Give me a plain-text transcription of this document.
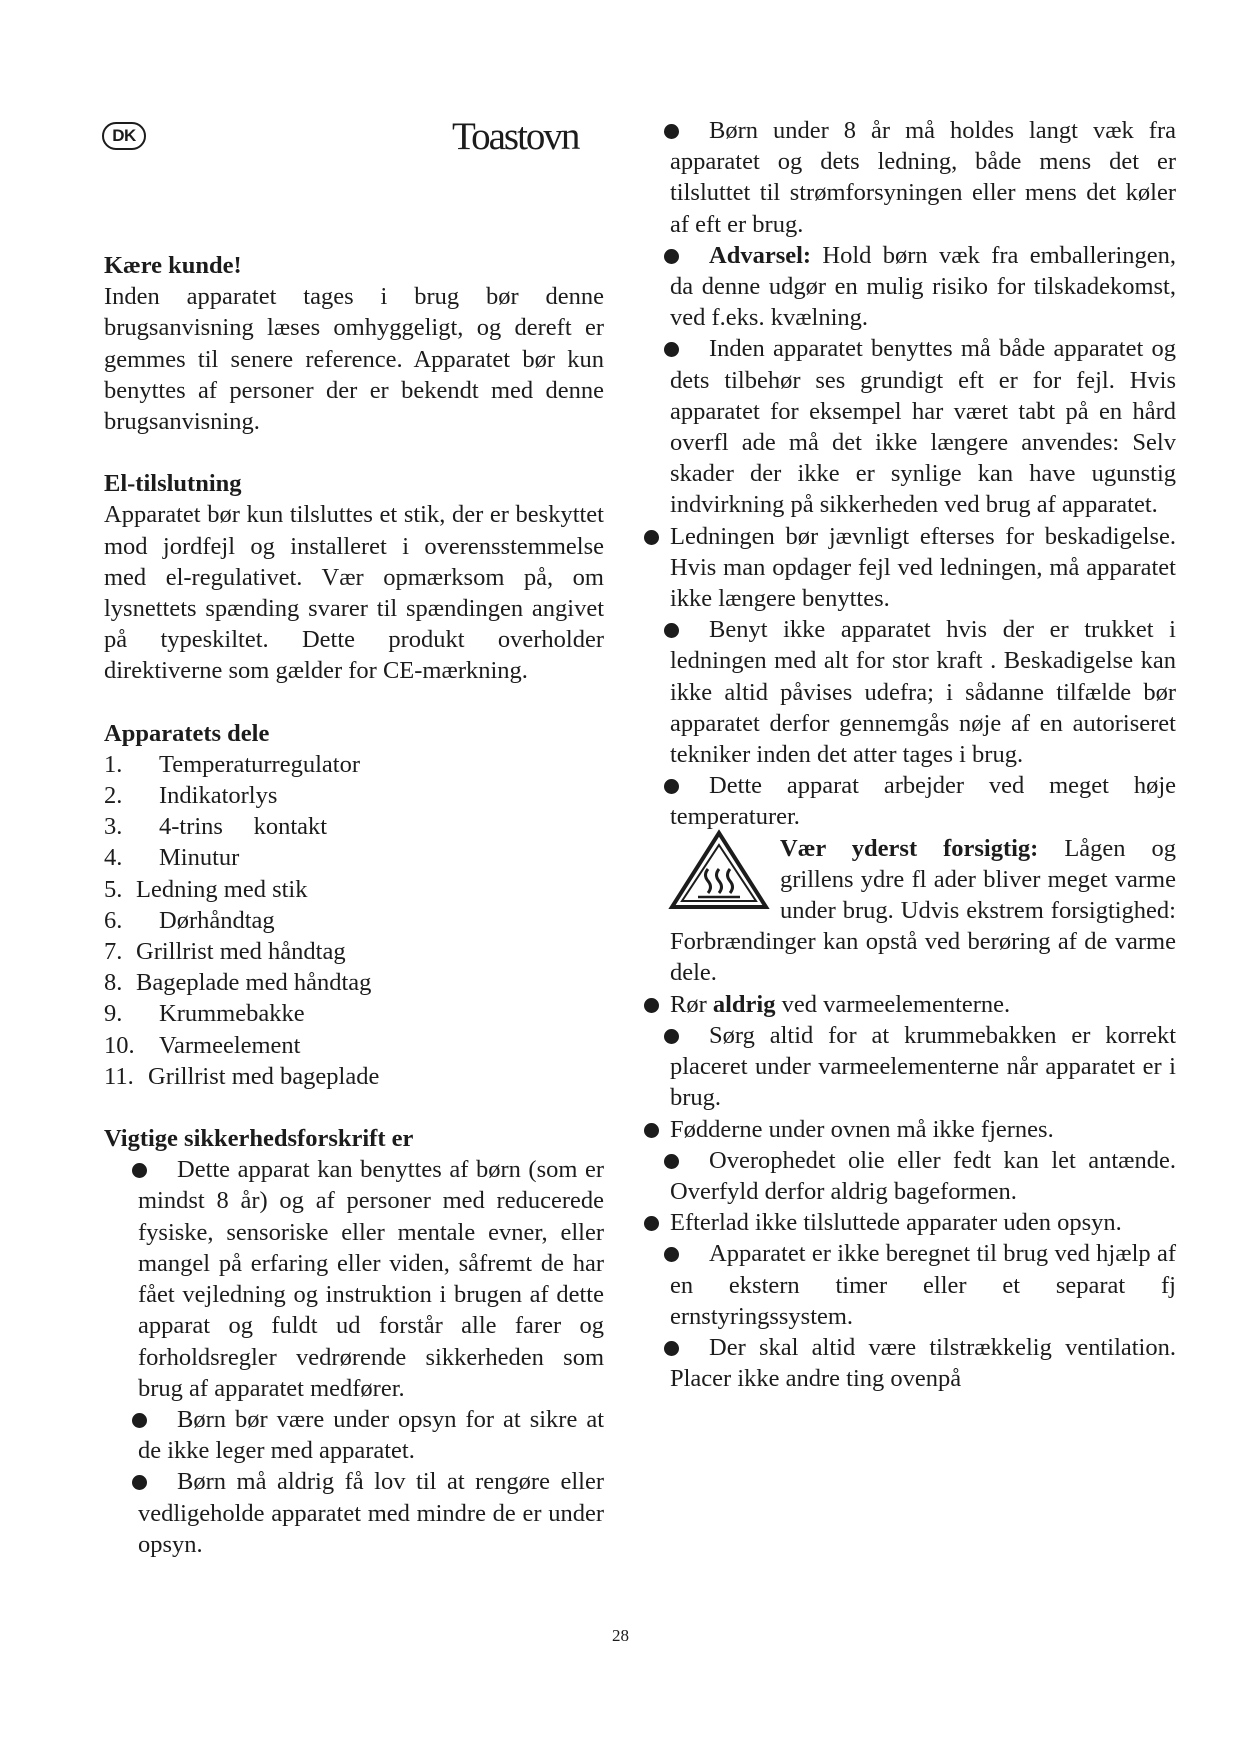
DK	Toastovn

Kære kunde!

Inden apparatet tages i brug bør denne brugsanvisning læses omhyggeligt, og dereft er gemmes til senere reference. Apparatet bør kun benyttes af personer der er bekendt med denne brugsanvisning.

El-tilslutning

Apparatet bør kun tilsluttes et stik, der er beskyttet mod jordfejl og installeret i overensstemmelse med el-regulativet. Vær opmærksom på, om lysnettets spænding svarer til spændingen angivet på typeskiltet. Dette produkt overholder direktiverne som gælder for CE-mærkning.

Apparatets dele

1.	Temperaturregulator
2.	Indikatorlys
3.	4-trins     kontakt
4.	Minutur
5. Ledning med stik
6.	Dørhåndtag
7. Grillrist med håndtag
8. Bageplade med håndtag
9.	Krummebakke
10. Varmeelement
11. Grillrist med bageplade

Vigtige sikkerhedsforskrift er

Dette apparat kan benyttes af børn (som er mindst 8 år) og af personer med reducerede fysiske, sensoriske eller mentale evner, eller mangel på erfaring eller viden, såfremt de har fået vejledning og instruktion i brugen af dette apparat og fuldt ud forstår alle farer og forholdsregler vedrørende sikkerheden som brug af apparatet medfører.
Børn bør være under opsyn for at sikre at de ikke leger med apparatet.
Børn må aldrig få lov til at rengøre eller vedligeholde apparatet med mindre de er under opsyn.
Børn under 8 år må holdes langt væk fra apparatet og dets ledning, både mens det er tilsluttet til strømforsyningen eller mens det køler af eft er brug.
Advarsel: Hold børn væk fra emballeringen, da denne udgør en mulig risiko for tilskadekomst, ved f.eks. kvælning.
Inden apparatet benyttes må både apparatet og dets tilbehør ses grundigt eft er for fejl. Hvis apparatet for eksempel har været tabt på en hård overfl ade må det ikke længere anvendes: Selv skader der ikke er synlige kan have ugunstig indvirkning på sikkerheden ved brug af apparatet.
Ledningen bør jævnligt efterses for beskadigelse. Hvis man opdager fejl ved ledningen, må apparatet ikke længere benyttes.
Benyt ikke apparatet hvis der er trukket i ledningen med alt for stor kraft . Beskadigelse kan ikke altid påvises udefra; i sådanne tilfælde bør apparatet derfor gennemgås nøje af en autoriseret tekniker inden det atter tages i brug.
Dette apparat arbejder ved meget høje temperaturer.
Vær yderst forsigtig: Lågen og grillens ydre fl ader bliver meget varme under brug. Udvis ekstrem forsigtighed: Forbrændinger kan opstå ved berøring af de varme dele.
Rør aldrig ved varmeelementerne.
Sørg altid for at krummebakken er korrekt placeret under varmeelementerne når apparatet er i brug.
Fødderne under ovnen må ikke fjernes.
Overophedet olie eller fedt kan let antænde. Overfyld derfor aldrig bageformen.
Efterlad ikke tilsluttede apparater uden opsyn.
Apparatet er ikke beregnet til brug ved hjælp af en ekstern timer eller et separat fj ernstyringssystem.
Der skal altid være tilstrækkelig ventilation. Placer ikke andre ting ovenpå
28
